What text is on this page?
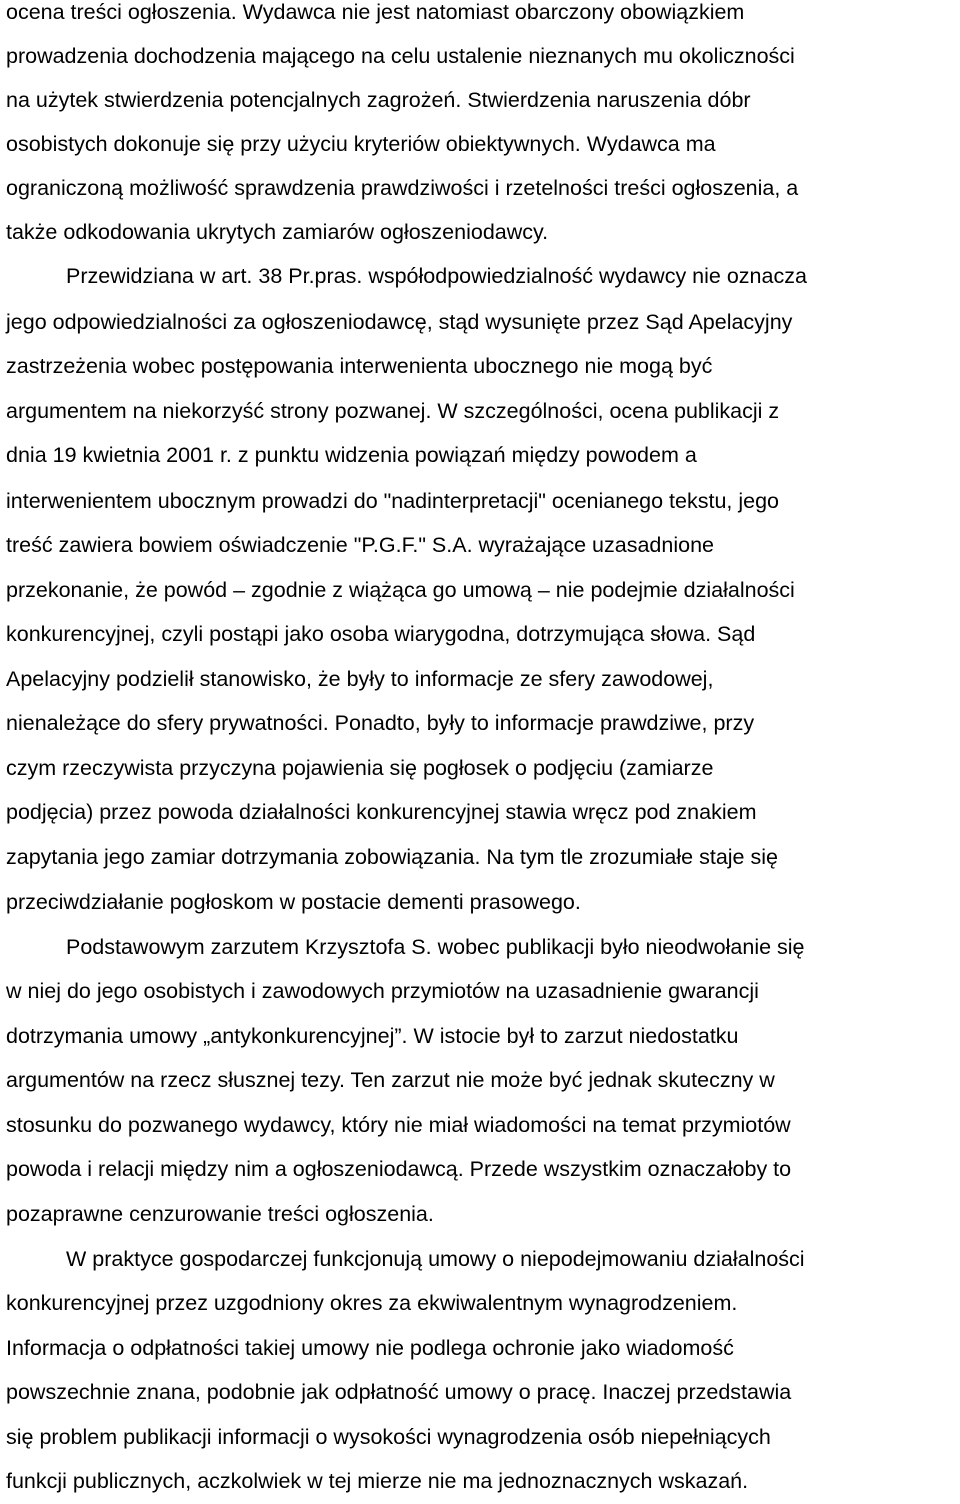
ocena treści ogłoszenia. Wydawca nie jest natomiast obarczony obowiązkiem
prowadzenia dochodzenia mającego na celu ustalenie nieznanych mu okoliczności
na użytek stwierdzenia potencjalnych zagrożeń. Stwierdzenia naruszenia dóbr
osobistych dokonuje się przy użyciu kryteriów obiektywnych. Wydawca ma
ograniczoną możliwość sprawdzenia prawdziwości i rzetelności treści ogłoszenia, a
także odkodowania ukrytych zamiarów ogłoszeniodawcy.
Przewidziana w art. 38 Pr.pras. współodpowiedzialność wydawcy nie oznacza
jego odpowiedzialności za ogłoszeniodawcę, stąd wysunięte przez Sąd Apelacyjny
zastrzeżenia wobec postępowania interwenienta ubocznego nie mogą być
argumentem na niekorzyść strony pozwanej. W szczególności, ocena publikacji z
dnia 19 kwietnia 2001 r. z punktu widzenia powiązań między powodem a
interwenientem ubocznym prowadzi do "nadinterpretacji" ocenianego tekstu, jego
treść zawiera bowiem oświadczenie "P.G.F." S.A. wyrażające uzasadnione
przekonanie, że powód – zgodnie z wiążąca go umową – nie podejmie działalności
konkurencyjnej, czyli postąpi jako osoba wiarygodna, dotrzymująca słowa. Sąd
Apelacyjny podzielił stanowisko, że były to informacje ze sfery zawodowej,
nienależące do sfery prywatności. Ponadto, były to informacje prawdziwe, przy
czym rzeczywista przyczyna pojawienia się pogłosek o podjęciu (zamiarze
podjęcia) przez powoda działalności konkurencyjnej stawia wręcz pod znakiem
zapytania jego zamiar dotrzymania zobowiązania. Na tym tle zrozumiałe staje się
przeciwdziałanie pogłoskom w postacie dementi prasowego.
Podstawowym zarzutem Krzysztofa S. wobec publikacji było nieodwołanie się
w niej do jego osobistych i zawodowych przymiotów na uzasadnienie gwarancji
dotrzymania umowy „antykonkurencyjnej”. W istocie był to zarzut niedostatku
argumentów na rzecz słusznej tezy. Ten zarzut nie może być jednak skuteczny w
stosunku do pozwanego wydawcy, który nie miał wiadomości na temat przymiotów
powoda i relacji między nim a ogłoszeniodawcą. Przede wszystkim oznaczałoby to
pozaprawne cenzurowanie treści ogłoszenia.
W praktyce gospodarczej funkcjonują umowy o niepodejmowaniu działalności
konkurencyjnej przez uzgodniony okres za ekwiwalentnym wynagrodzeniem.
Informacja o odpłatności takiej umowy nie podlega ochronie jako wiadomość
powszechnie znana, podobnie jak odpłatność umowy o pracę. Inaczej przedstawia
się problem publikacji informacji o wysokości wynagrodzenia osób niepełniących
funkcji publicznych, aczkolwiek w tej mierze nie ma jednoznacznych wskazań.
